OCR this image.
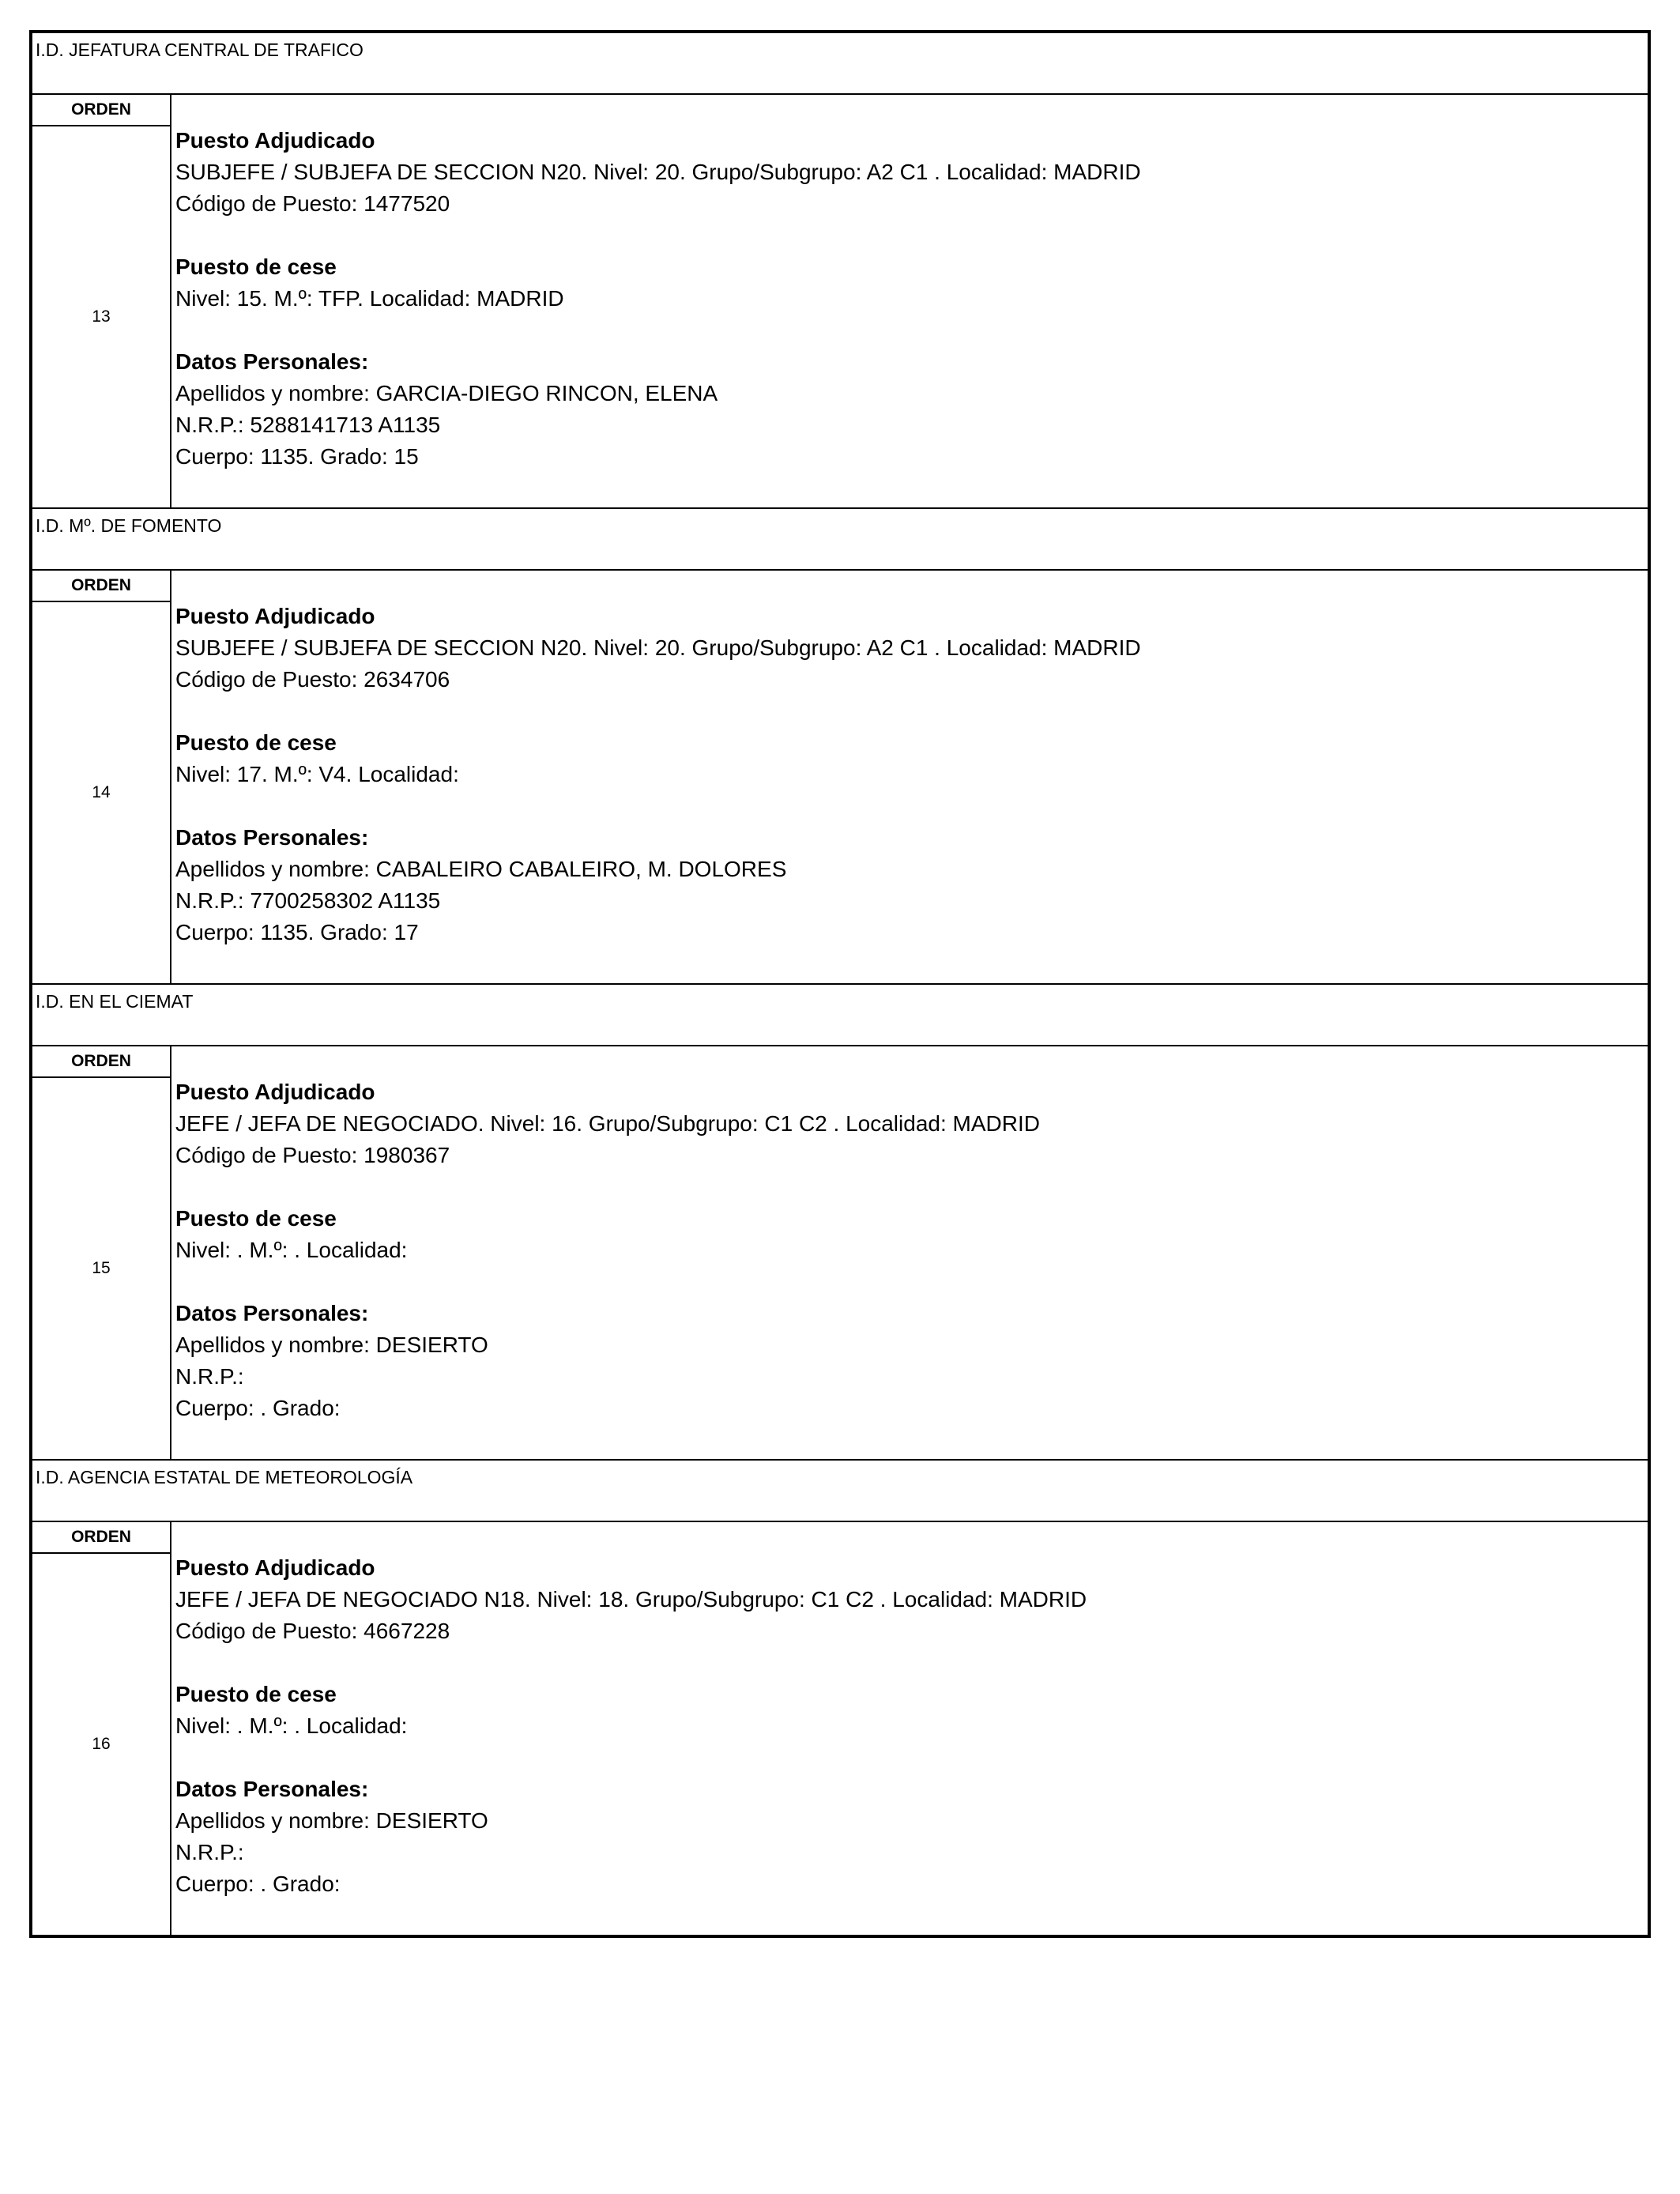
I.D. JEFATURA CENTRAL DE TRAFICO
ORDEN
13
Puesto Adjudicado
SUBJEFE / SUBJEFA DE SECCION N20. Nivel: 20. Grupo/Subgrupo: A2 C1 . Localidad: MADRID
Código de Puesto: 1477520
Puesto de cese
Nivel: 15. M.º: TFP. Localidad: MADRID
Datos Personales:
Apellidos y nombre: GARCIA-DIEGO RINCON, ELENA
N.R.P.: 5288141713 A1135
Cuerpo: 1135. Grado: 15
I.D. Mº. DE FOMENTO
ORDEN
14
Puesto Adjudicado
SUBJEFE / SUBJEFA DE SECCION N20. Nivel: 20. Grupo/Subgrupo: A2 C1 . Localidad: MADRID
Código de Puesto: 2634706
Puesto de cese
Nivel: 17. M.º: V4. Localidad:
Datos Personales:
Apellidos y nombre: CABALEIRO CABALEIRO, M. DOLORES
N.R.P.: 7700258302 A1135
Cuerpo: 1135. Grado: 17
I.D. EN EL CIEMAT
ORDEN
15
Puesto Adjudicado
JEFE / JEFA DE NEGOCIADO. Nivel: 16. Grupo/Subgrupo: C1 C2 . Localidad: MADRID
Código de Puesto: 1980367
Puesto de cese
Nivel: . M.º: . Localidad:
Datos Personales:
Apellidos y nombre: DESIERTO
N.R.P.:
Cuerpo: . Grado:
I.D. AGENCIA ESTATAL DE METEOROLOGÍA
ORDEN
16
Puesto Adjudicado
JEFE / JEFA DE NEGOCIADO N18. Nivel: 18. Grupo/Subgrupo: C1 C2 . Localidad: MADRID
Código de Puesto: 4667228
Puesto de cese
Nivel: . M.º: . Localidad:
Datos Personales:
Apellidos y nombre: DESIERTO
N.R.P.:
Cuerpo: . Grado:
